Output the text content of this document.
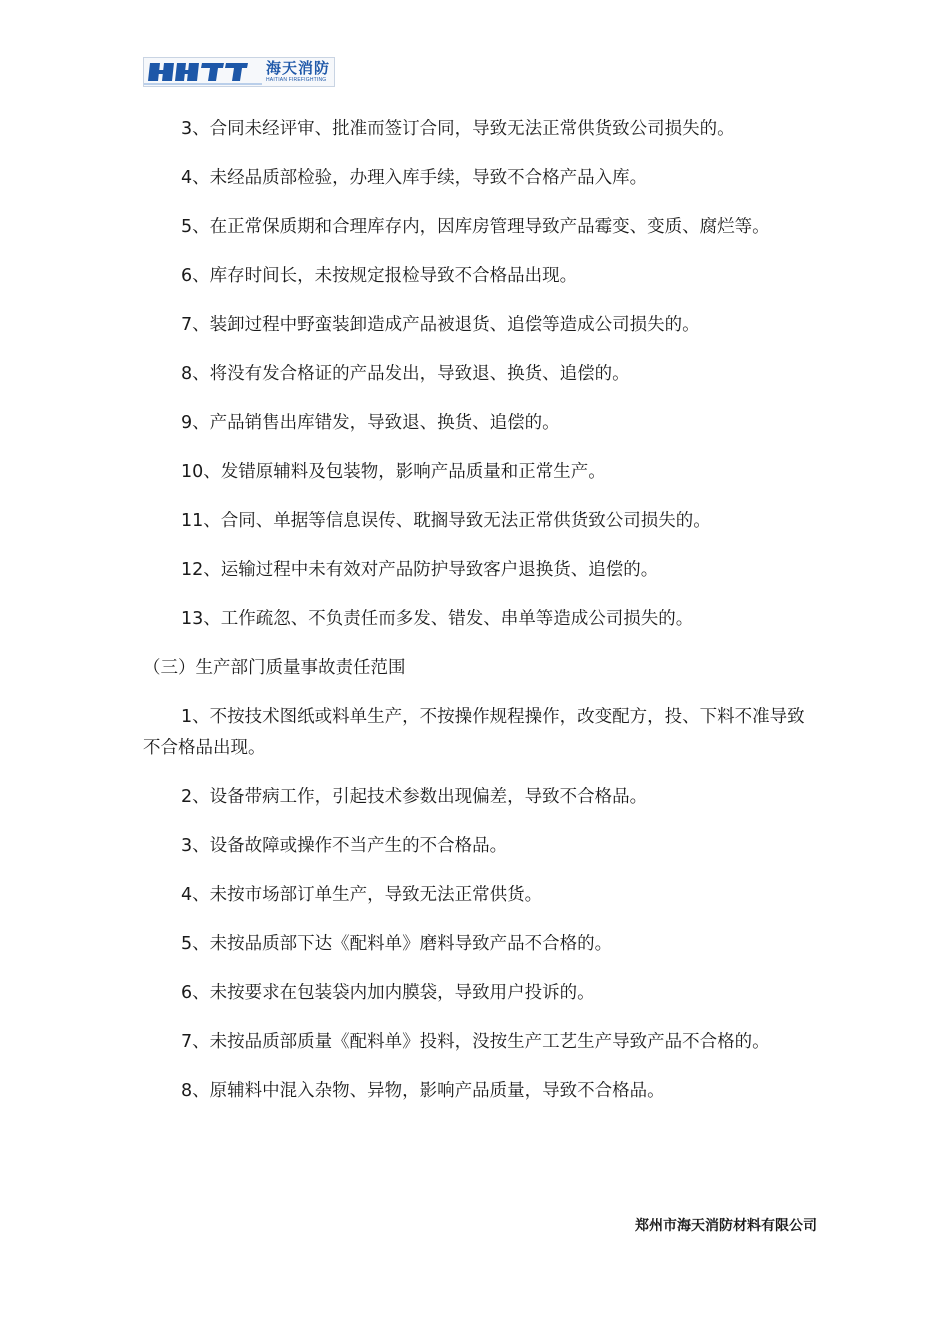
海天消防
HAITIAN FIREFIGHTING

3、合同未经评审、批准而签订合同，导致无法正常供货致公司损失的。

4、未经品质部检验，办理入库手续，导致不合格产品入库。

5、在正常保质期和合理库存内，因库房管理导致产品霉变、变质、腐烂等。

6、库存时间长，未按规定报检导致不合格品出现。

7、装卸过程中野蛮装卸造成产品被退货、追偿等造成公司损失的。

8、将没有发合格证的产品发出，导致退、换货、追偿的。

9、产品销售出库错发，导致退、换货、追偿的。

10、发错原辅料及包装物，影响产品质量和正常生产。

11、合同、单据等信息误传、耽搁导致无法正常供货致公司损失的。

12、运输过程中未有效对产品防护导致客户退换货、追偿的。

13、工作疏忽、不负责任而多发、错发、串单等造成公司损失的。

（三）生产部门质量事故责任范围

1、不按技术图纸或料单生产，不按操作规程操作，改变配方，投、下料不准导致不合格品出现。

2、设备带病工作，引起技术参数出现偏差，导致不合格品。

3、设备故障或操作不当产生的不合格品。

4、未按市场部订单生产，导致无法正常供货。

5、未按品质部下达《配料单》磨料导致产品不合格的。

6、未按要求在包装袋内加内膜袋，导致用户投诉的。

7、未按品质部质量《配料单》投料，没按生产工艺生产导致产品不合格的。

8、原辅料中混入杂物、异物，影响产品质量，导致不合格品。

郑州市海天消防材料有限公司
